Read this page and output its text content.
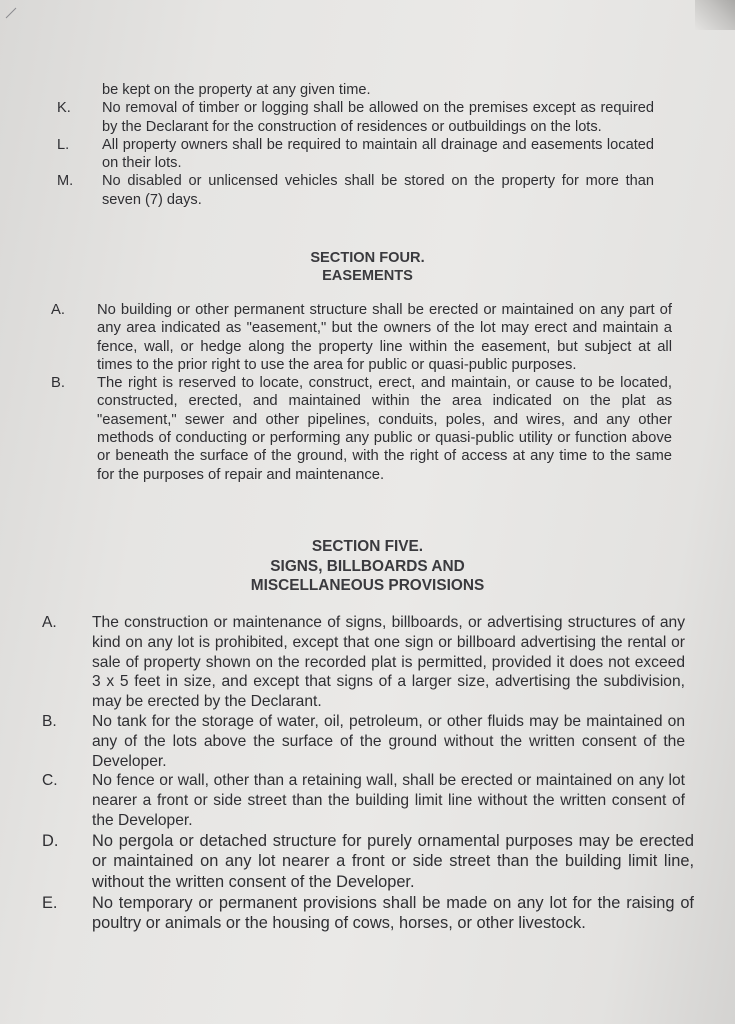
be kept on the property at any given time.
K. No removal of timber or logging shall be allowed on the premises except as required by the Declarant for the construction of residences or outbuildings on the lots.
L. All property owners shall be required to maintain all drainage and easements located on their lots.
M. No disabled or unlicensed vehicles shall be stored on the property for more than seven (7) days.
SECTION FOUR.
EASEMENTS
A. No building or other permanent structure shall be erected or maintained on any part of any area indicated as "easement," but the owners of the lot may erect and maintain a fence, wall, or hedge along the property line within the easement, but subject at all times to the prior right to use the area for public or quasi-public purposes.
B. The right is reserved to locate, construct, erect, and maintain, or cause to be located, constructed, erected, and maintained within the area indicated on the plat as "easement," sewer and other pipelines, conduits, poles, and wires, and any other methods of conducting or performing any public or quasi-public utility or function above or beneath the surface of the ground, with the right of access at any time to the same for the purposes of repair and maintenance.
SECTION FIVE.
SIGNS, BILLBOARDS AND
MISCELLANEOUS PROVISIONS
A. The construction or maintenance of signs, billboards, or advertising structures of any kind on any lot is prohibited, except that one sign or billboard advertising the rental or sale of property shown on the recorded plat is permitted, provided it does not exceed 3 x 5 feet in size, and except that signs of a larger size, advertising the subdivision, may be erected by the Declarant.
B. No tank for the storage of water, oil, petroleum, or other fluids may be maintained on any of the lots above the surface of the ground without the written consent of the Developer.
C. No fence or wall, other than a retaining wall, shall be erected or maintained on any lot nearer a front or side street than the building limit line without the written consent of the Developer.
D. No pergola or detached structure for purely ornamental purposes may be erected or maintained on any lot nearer a front or side street than the building limit line, without the written consent of the Developer.
E. No temporary or permanent provisions shall be made on any lot for the raising of poultry or animals or the housing of cows, horses, or other livestock.
